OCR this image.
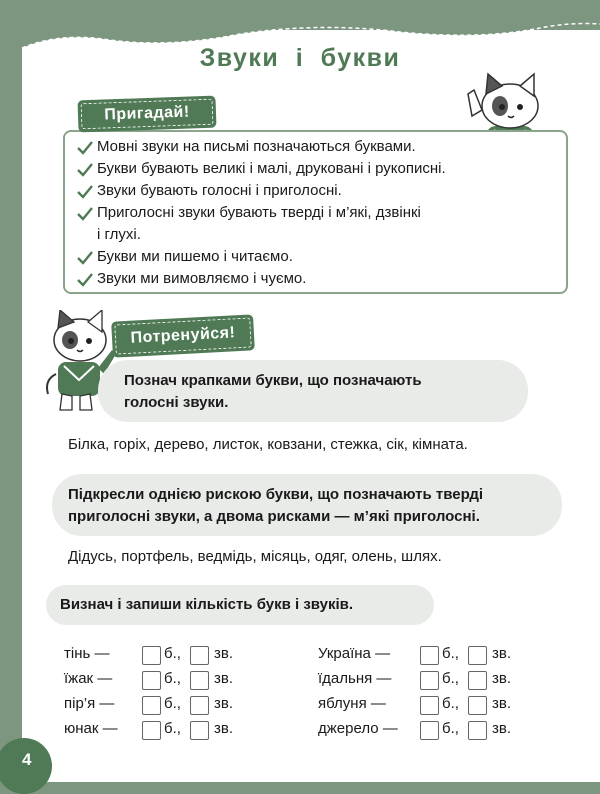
Звуки і букви
Мовні звуки на письмі позначаються буквами.
Букви бувають великі і малі, друковані і рукописні.
Звуки бувають голосні і приголосні.
Приголосні звуки бувають тверді і м’які, дзвінкі
і глухі.
Букви ми пишемо і читаємо.
Звуки ми вимовляємо і чуємо.
Пригадай!
Потренуйся!
Познач крапками букви, що позначають
голосні звуки.
Білка, горіх, дерево, листок, ковзани, стежка, сік, кімната.
Підкресли однією рискою букви, що позначають тверді
приголосні звуки, а двома рисками — м’які приголосні.
Дідусь, портфель, ведмідь, місяць, одяг, олень, шлях.
Визнач і запиши кількість букв і звуків.
тінь —	б., зв.
їжак —	б., зв.
пір’я —	б., зв.
юнак —	б., зв.
Україна —	б., зв.
їдальня —	б., зв.
яблуня —	б., зв.
джерело —	б., зв.
4
